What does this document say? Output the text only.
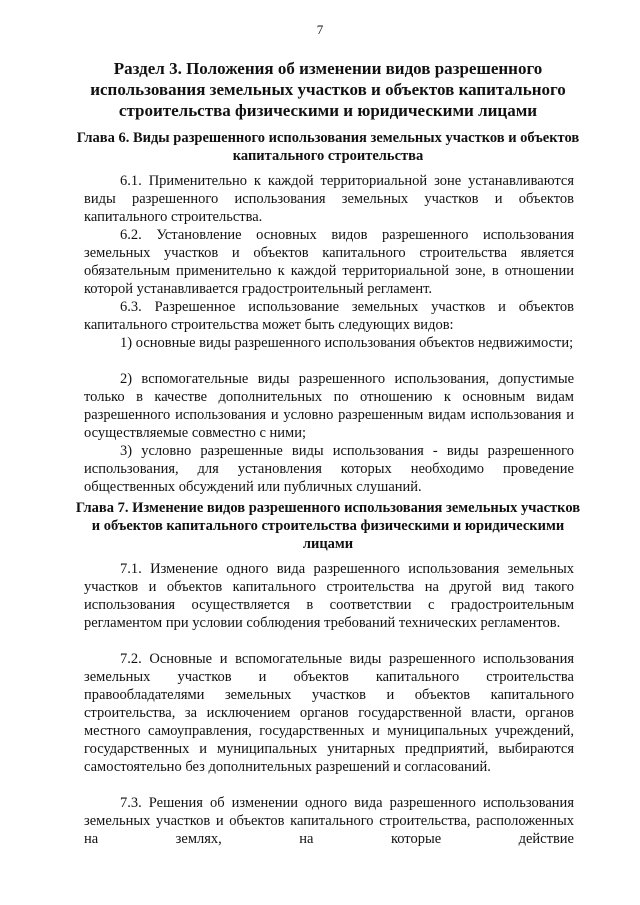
7
Раздел 3. Положения об изменении видов разрешенного использования земельных участков и объектов капитального строительства физическими и юридическими лицами
Глава 6. Виды разрешенного использования земельных участков и объектов капитального строительства
6.1. Применительно к каждой территориальной зоне устанавливаются виды разрешенного использования земельных участков и объектов капитального строительства.
6.2. Установление основных видов разрешенного использования земельных участков и объектов капитального строительства является обязательным применительно к каждой территориальной зоне, в отношении которой устанавливается градостроительный регламент.
6.3. Разрешенное использование земельных участков и объектов капитального строительства может быть следующих видов:
1) основные виды разрешенного использования объектов недвижимости;
2) вспомогательные виды разрешенного использования, допустимые только в качестве дополнительных по отношению к основным видам разрешенного использования и условно разрешенным видам использования и осуществляемые совместно с ними;
3) условно разрешенные виды использования - виды разрешенного использования, для установления которых необходимо проведение общественных обсуждений или публичных слушаний.
Глава 7. Изменение видов разрешенного использования земельных участков и объектов капитального строительства физическими и юридическими лицами
7.1. Изменение одного вида разрешенного использования земельных участков и объектов капитального строительства на другой вид такого использования осуществляется в соответствии с градостроительным регламентом при условии соблюдения требований технических регламентов.
7.2. Основные и вспомогательные виды разрешенного использования земельных участков и объектов капитального строительства правообладателями земельных участков и объектов капитального строительства, за исключением органов государственной власти, органов местного самоуправления, государственных и муниципальных учреждений, государственных и муниципальных унитарных предприятий, выбираются самостоятельно без дополнительных разрешений и согласований.
7.3. Решения об изменении одного вида разрешенного использования земельных участков и объектов капитального строительства, расположенных на землях, на которые действие
